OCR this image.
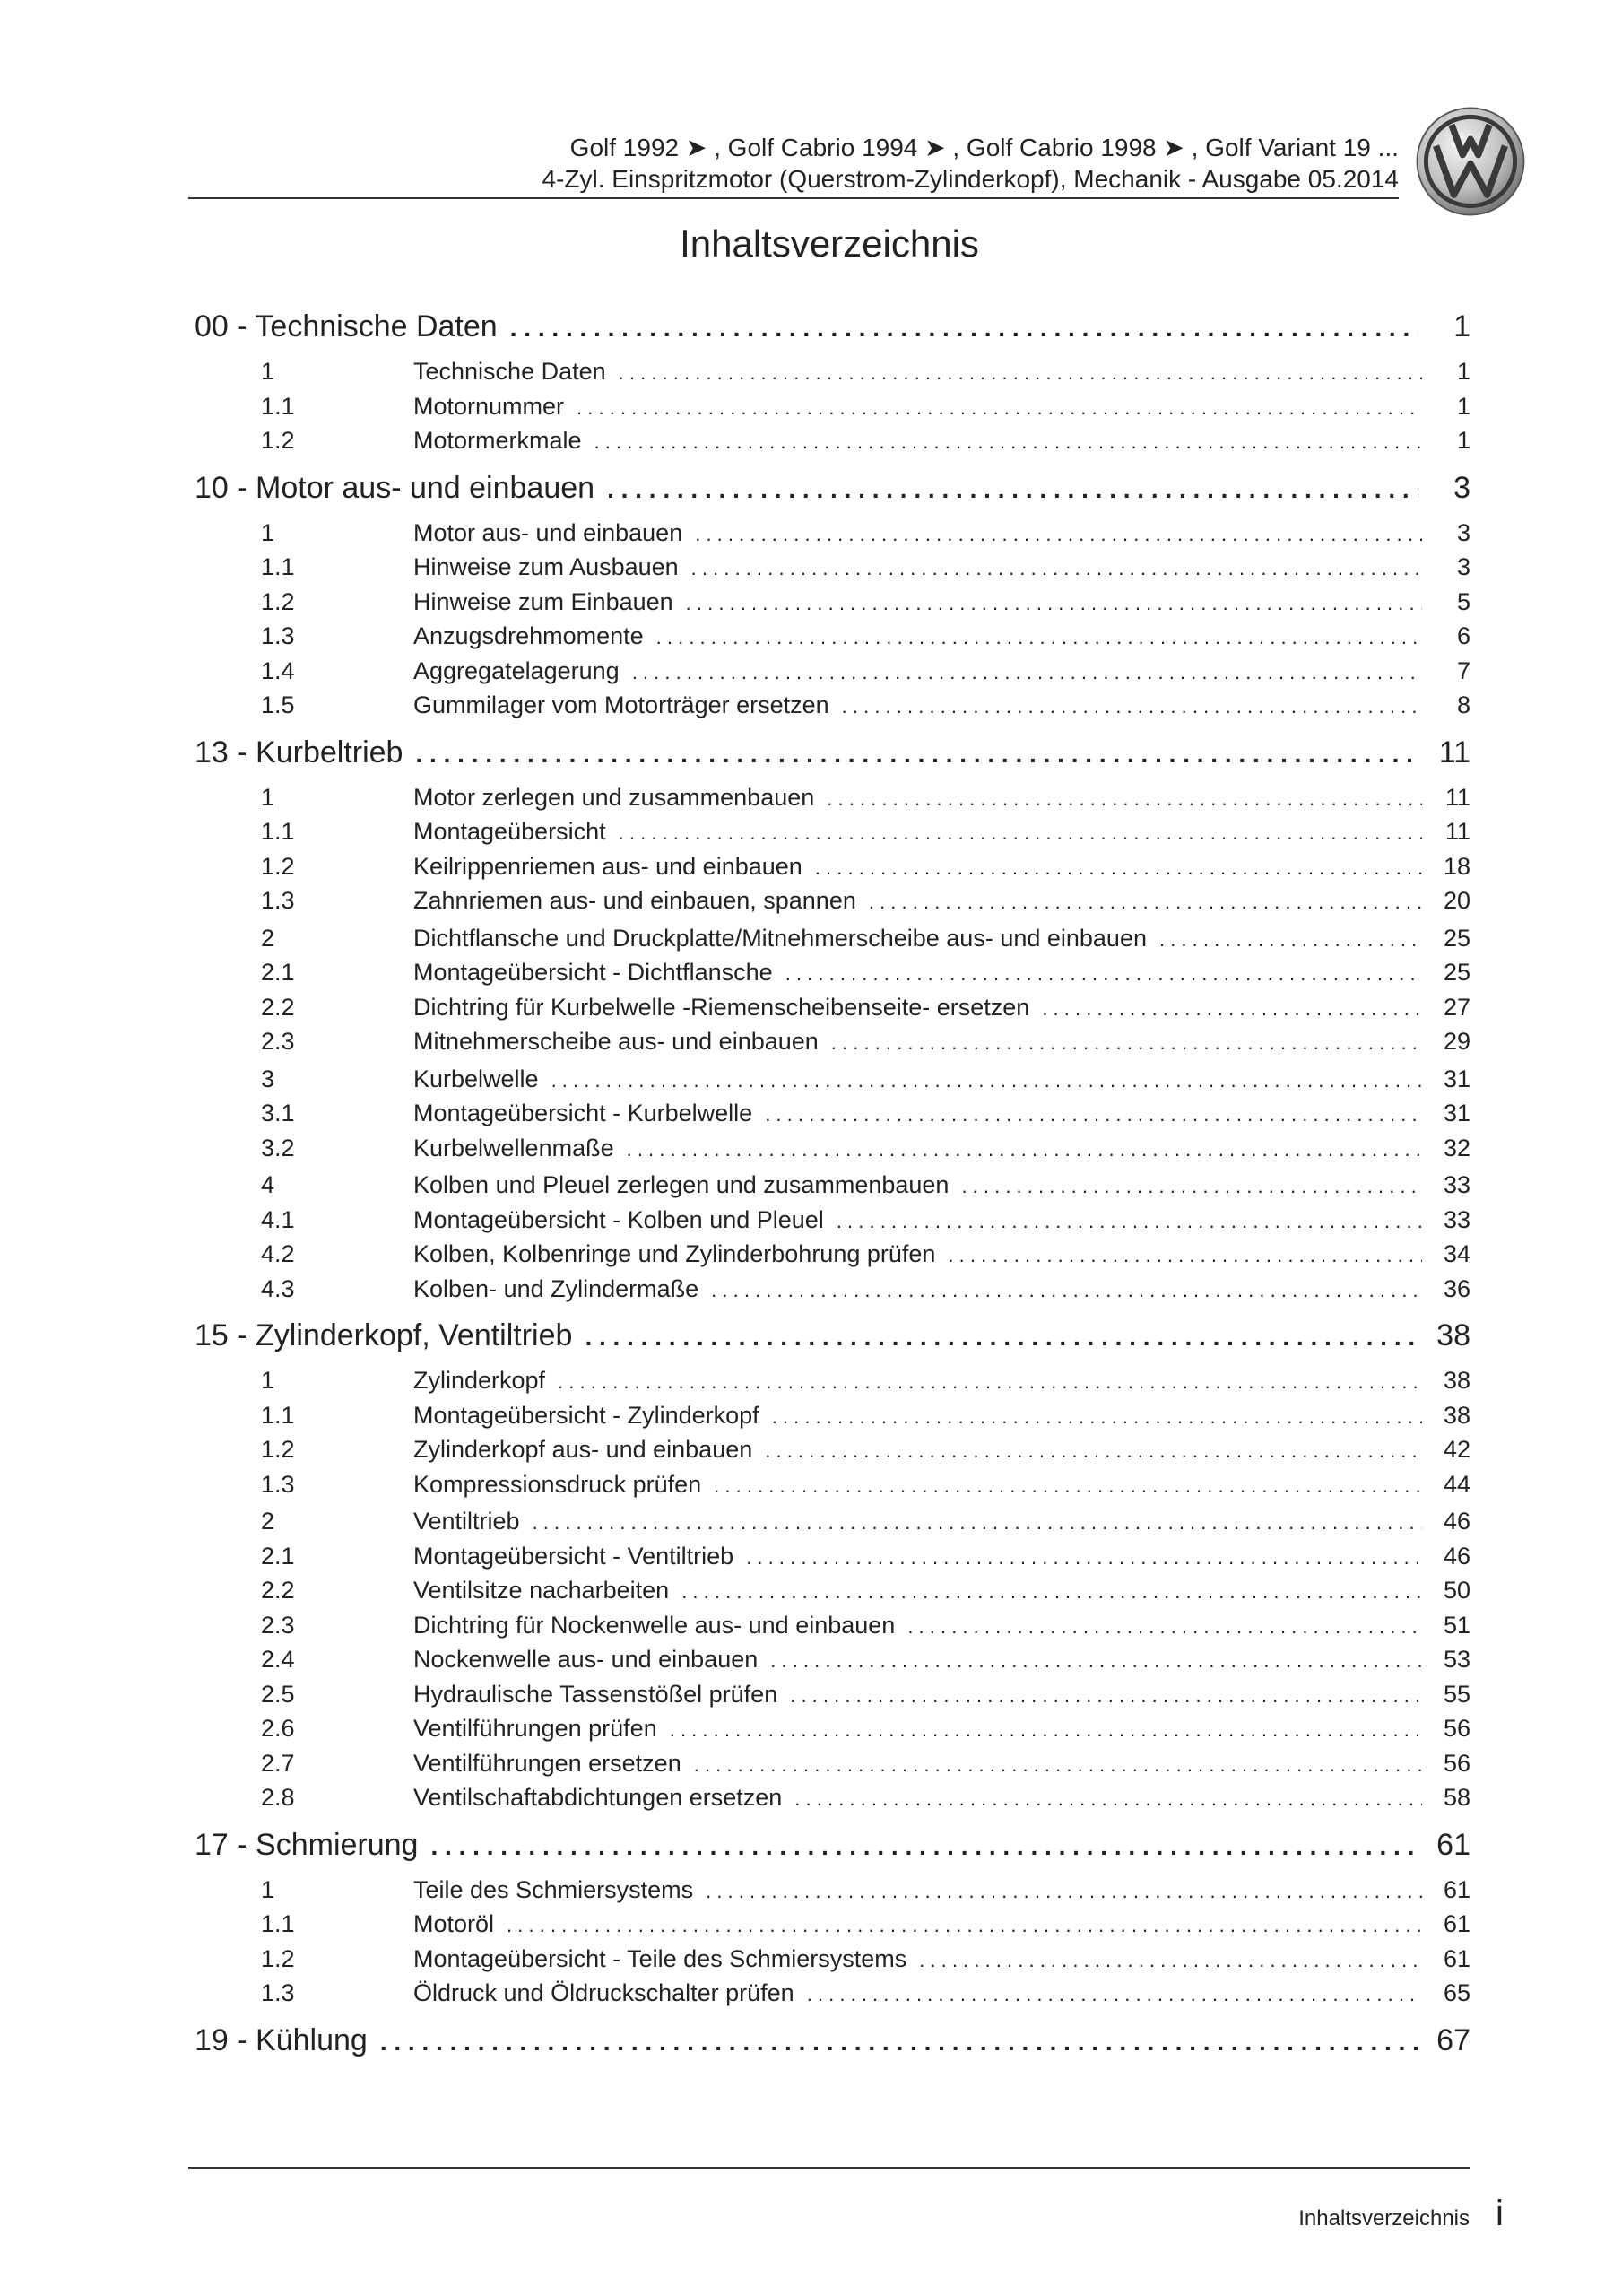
Golf 1992 ➤ , Golf Cabrio 1994 ➤ , Golf Cabrio 1998 ➤ , Golf Variant 19 ...
4-Zyl. Einspritzmotor (Querstrom-Zylinderkopf), Mechanik - Ausgabe 05.2014
Inhaltsverzeichnis
00 - Technische Daten . . .	1
1	Technische Daten . . .	1
1.1	Motornummer . . .	1
1.2	Motormerkmale . . .	1
10 - Motor aus- und einbauen . . .	3
1	Motor aus- und einbauen . . .	3
1.1	Hinweise zum Ausbauen . . .	3
1.2	Hinweise zum Einbauen . . .	5
1.3	Anzugsdrehmomente . . .	6
1.4	Aggregatelagerung . . .	7
1.5	Gummilager vom Motorträger ersetzen . . .	8
13 - Kurbeltrieb . . .	11
1	Motor zerlegen und zusammenbauen . . .	11
1.1	Montageübersicht . . .	11
1.2	Keilrippenriemen aus- und einbauen . . .	18
1.3	Zahnriemen aus- und einbauen, spannen . . .	20
2	Dichtflansche und Druckplatte/Mitnehmerscheibe aus- und einbauen . . .	25
2.1	Montageübersicht - Dichtflansche . . .	25
2.2	Dichtring für Kurbelwelle -Riemenscheibenseite- ersetzen . . .	27
2.3	Mitnehmerscheibe aus- und einbauen . . .	29
3	Kurbelwelle . . .	31
3.1	Montageübersicht - Kurbelwelle . . .	31
3.2	Kurbelwellenmaße . . .	32
4	Kolben und Pleuel zerlegen und zusammenbauen . . .	33
4.1	Montageübersicht - Kolben und Pleuel . . .	33
4.2	Kolben, Kolbenringe und Zylinderbohrung prüfen . . .	34
4.3	Kolben- und Zylindermaße . . .	36
15 - Zylinderkopf, Ventiltrieb . . .	38
1	Zylinderkopf . . .	38
1.1	Montageübersicht - Zylinderkopf . . .	38
1.2	Zylinderkopf aus- und einbauen . . .	42
1.3	Kompressionsdruck prüfen . . .	44
2	Ventiltrieb . . .	46
2.1	Montageübersicht - Ventiltrieb . . .	46
2.2	Ventilsitze nacharbeiten . . .	50
2.3	Dichtring für Nockenwelle aus- und einbauen . . .	51
2.4	Nockenwelle aus- und einbauen . . .	53
2.5	Hydraulische Tassenstößel prüfen . . .	55
2.6	Ventilführungen prüfen . . .	56
2.7	Ventilführungen ersetzen . . .	56
2.8	Ventilschaftabdichtungen ersetzen . . .	58
17 - Schmierung . . .	61
1	Teile des Schmiersystems . . .	61
1.1	Motoröl . . .	61
1.2	Montageübersicht - Teile des Schmiersystems . . .	61
1.3	Öldruck und Öldruckschalter prüfen . . .	65
19 - Kühlung . . .	67
Inhaltsverzeichnis i
